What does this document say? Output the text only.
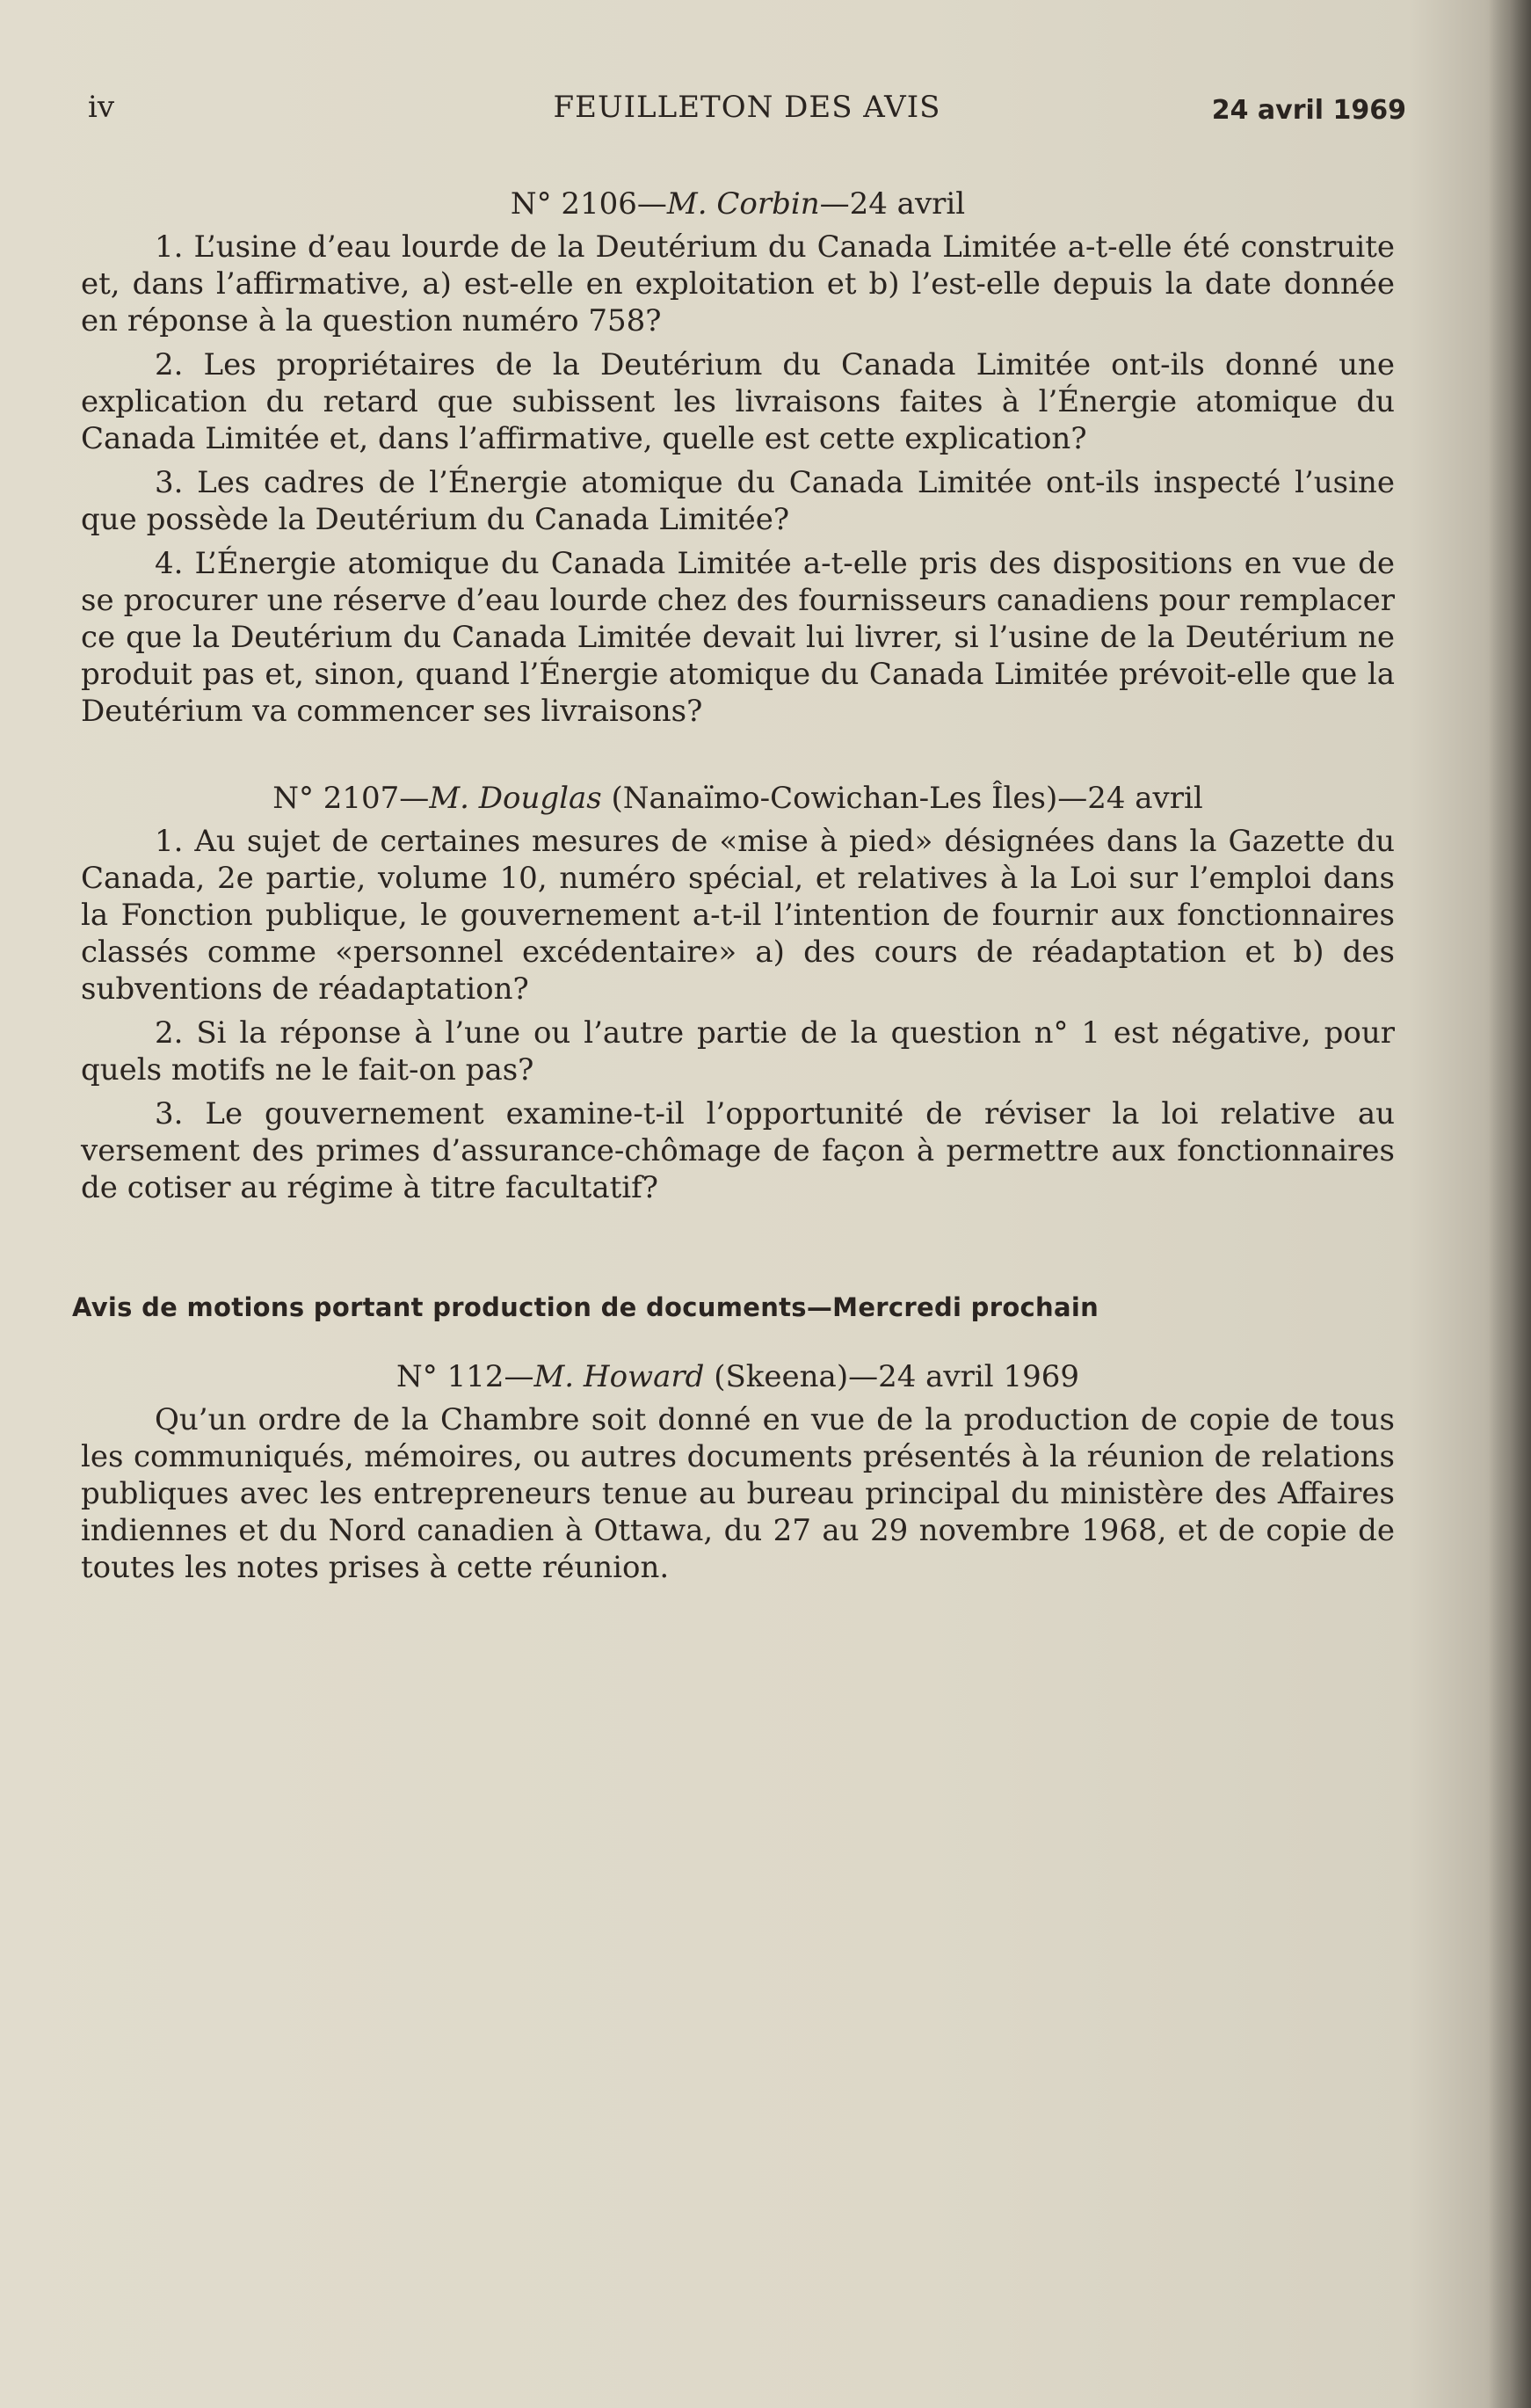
iv	FEUILLETON DES AVIS	24 avril 1969

N° 2106—M. Corbin—24 avril

1. L’usine d’eau lourde de la Deutérium du Canada Limitée a-t-elle été construite et, dans l’affirmative, a) est-elle en exploitation et b) l’est-elle depuis la date donnée en réponse à la question numéro 758?

2. Les propriétaires de la Deutérium du Canada Limitée ont-ils donné une explication du retard que subissent les livraisons faites à l’Énergie atomique du Canada Limitée et, dans l’affirmative, quelle est cette explication?

3. Les cadres de l’Énergie atomique du Canada Limitée ont-ils inspecté l’usine que possède la Deutérium du Canada Limitée?

4. L’Énergie atomique du Canada Limitée a-t-elle pris des dispositions en vue de se procurer une réserve d’eau lourde chez des fournisseurs canadiens pour remplacer ce que la Deutérium du Canada Limitée devait lui livrer, si l’usine de la Deutérium ne produit pas et, sinon, quand l’Énergie atomique du Canada Limitée prévoit-elle que la Deutérium va commencer ses livraisons?

N° 2107—M. Douglas (Nanaïmo-Cowichan-Les Îles)—24 avril

1. Au sujet de certaines mesures de «mise à pied» désignées dans la Gazette du Canada, 2e partie, volume 10, numéro spécial, et relatives à la Loi sur l’emploi dans la Fonction publique, le gouvernement a-t-il l’intention de fournir aux fonctionnaires classés comme «personnel excédentaire» a) des cours de réadaptation et b) des subventions de réadaptation?

2. Si la réponse à l’une ou l’autre partie de la question n° 1 est négative, pour quels motifs ne le fait-on pas?

3. Le gouvernement examine-t-il l’opportunité de réviser la loi relative au versement des primes d’assurance-chômage de façon à permettre aux fonctionnaires de cotiser au régime à titre facultatif?

Avis de motions portant production de documents—Mercredi prochain

N° 112—M. Howard (Skeena)—24 avril 1969

Qu’un ordre de la Chambre soit donné en vue de la production de copie de tous les communiqués, mémoires, ou autres documents présentés à la réunion de relations publiques avec les entrepreneurs tenue au bureau principal du ministère des Affaires indiennes et du Nord canadien à Ottawa, du 27 au 29 novembre 1968, et de copie de toutes les notes prises à cette réunion.
